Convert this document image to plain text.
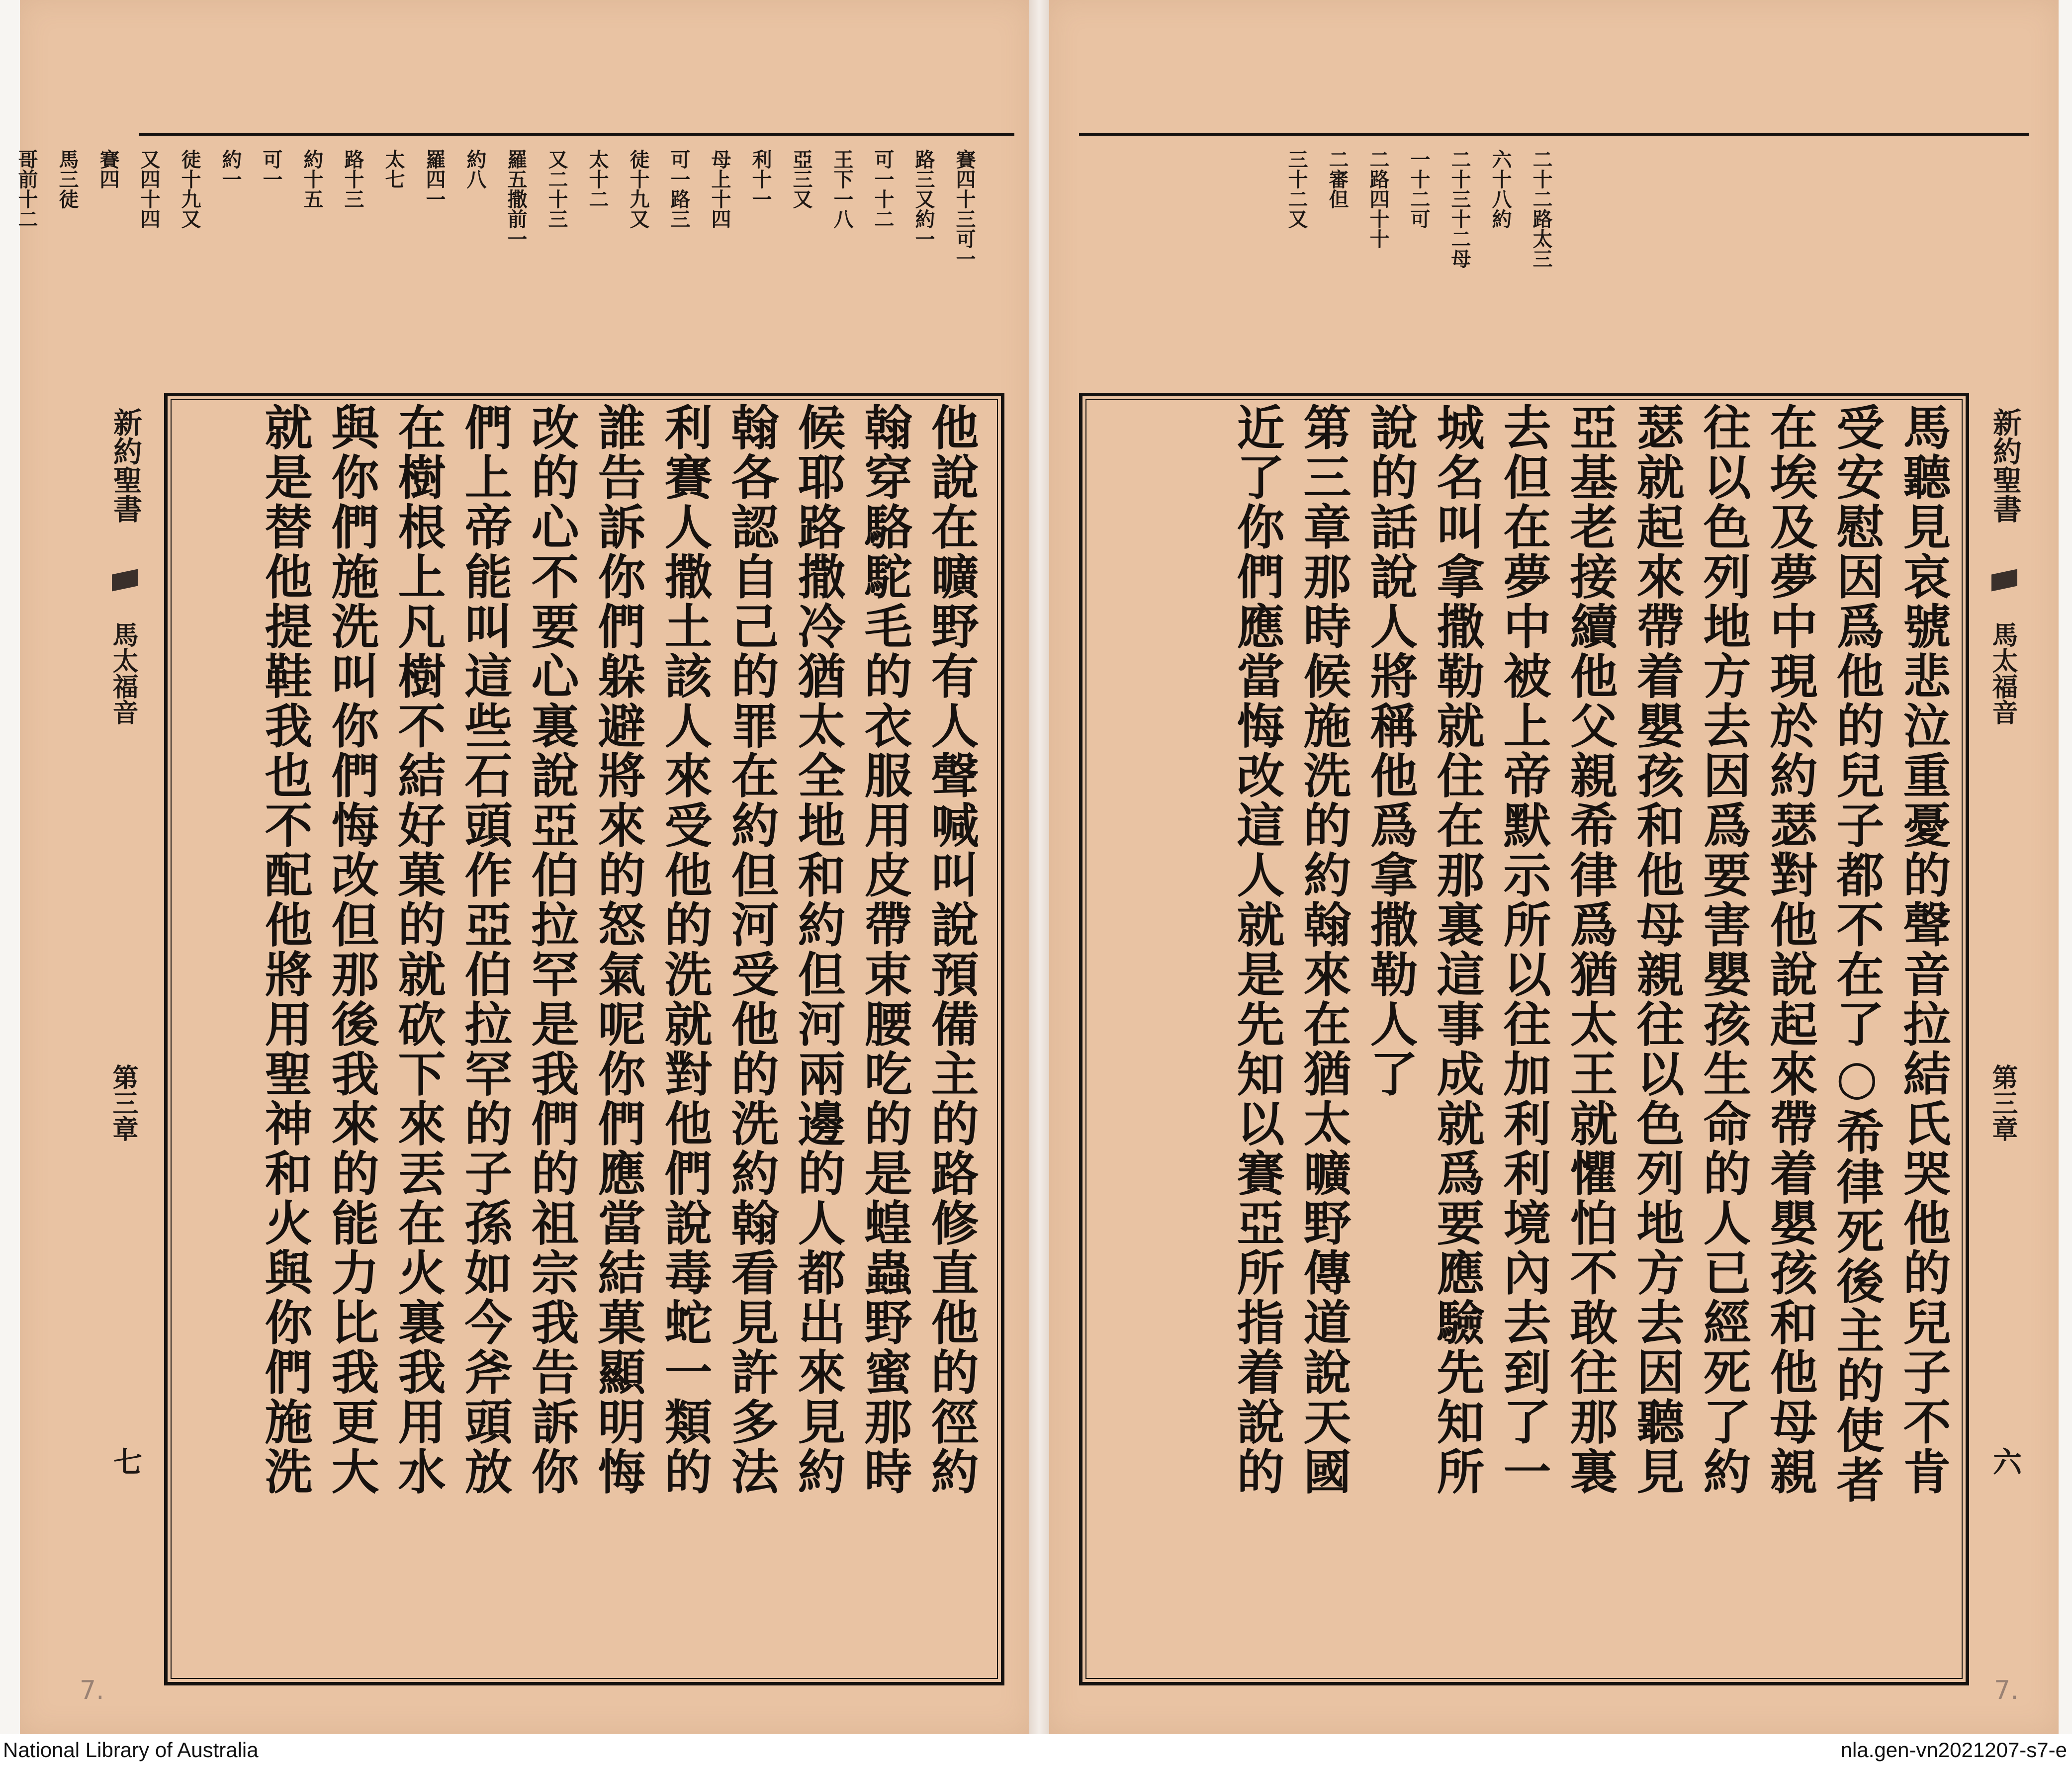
賽四十三可一
路三又約一
可一十二
王下一八
亞三又
利十一
母上十四
可一路三
徒十九又
太十二
又二十三
羅五撒前一
約八
羅四一
太七
路十三
約十五
可一
約一
徒十九又
又四十四
賽四
馬三徒
哥前十二
他說在曠野有人聲喊叫說預備主的路修直他的徑約
翰穿駱駝毛的衣服用皮帶束腰吃的是蝗蟲野蜜那時
候耶路撒冷猶太全地和約但河兩邊的人都出來見約
翰各認自己的罪在約但河受他的洗約翰看見許多法
利賽人撒土該人來受他的洗就對他們說毒蛇一類的
誰告訴你們躲避將來的怒氣呢你們應當結菓顯明悔
改的心不要心裏說亞伯拉罕是我們的祖宗我告訴你
們上帝能叫這些石頭作亞伯拉罕的子孫如今斧頭放
在樹根上凡樹不結好菓的就砍下來丟在火裏我用水
與你們施洗叫你們悔改但那後我來的能力比我更大
就是替他提鞋我也不配他將用聖神和火與你們施洗
新約聖書
馬太福音
第三章
七
7.
二十二路太三
六十八約
二十三十二母
一十二可
二路四十十
二審但
三十二又
馬聽見哀號悲泣重憂的聲音拉結氏哭他的兒子不肯
受安慰因爲他的兒子都不在了○希律死後主的使者
在埃及夢中現於約瑟對他說起來帶着嬰孩和他母親
往以色列地方去因爲要害嬰孩生命的人已經死了約
瑟就起來帶着嬰孩和他母親往以色列地方去因聽見
亞基老接續他父親希律爲猶太王就懼怕不敢往那裏
去但在夢中被上帝默示所以往加利利境內去到了一
城名叫拿撒勒就住在那裏這事成就爲要應驗先知所
說的話說人將稱他爲拿撒勒人了
第三章那時候施洗的約翰來在猶太曠野傳道說天國
近了你們應當悔改這人就是先知以賽亞所指着說的	新約聖書
馬太福音
第三章
六
7.
National Library of Australia	nla.gen-vn2021207-s7-e
